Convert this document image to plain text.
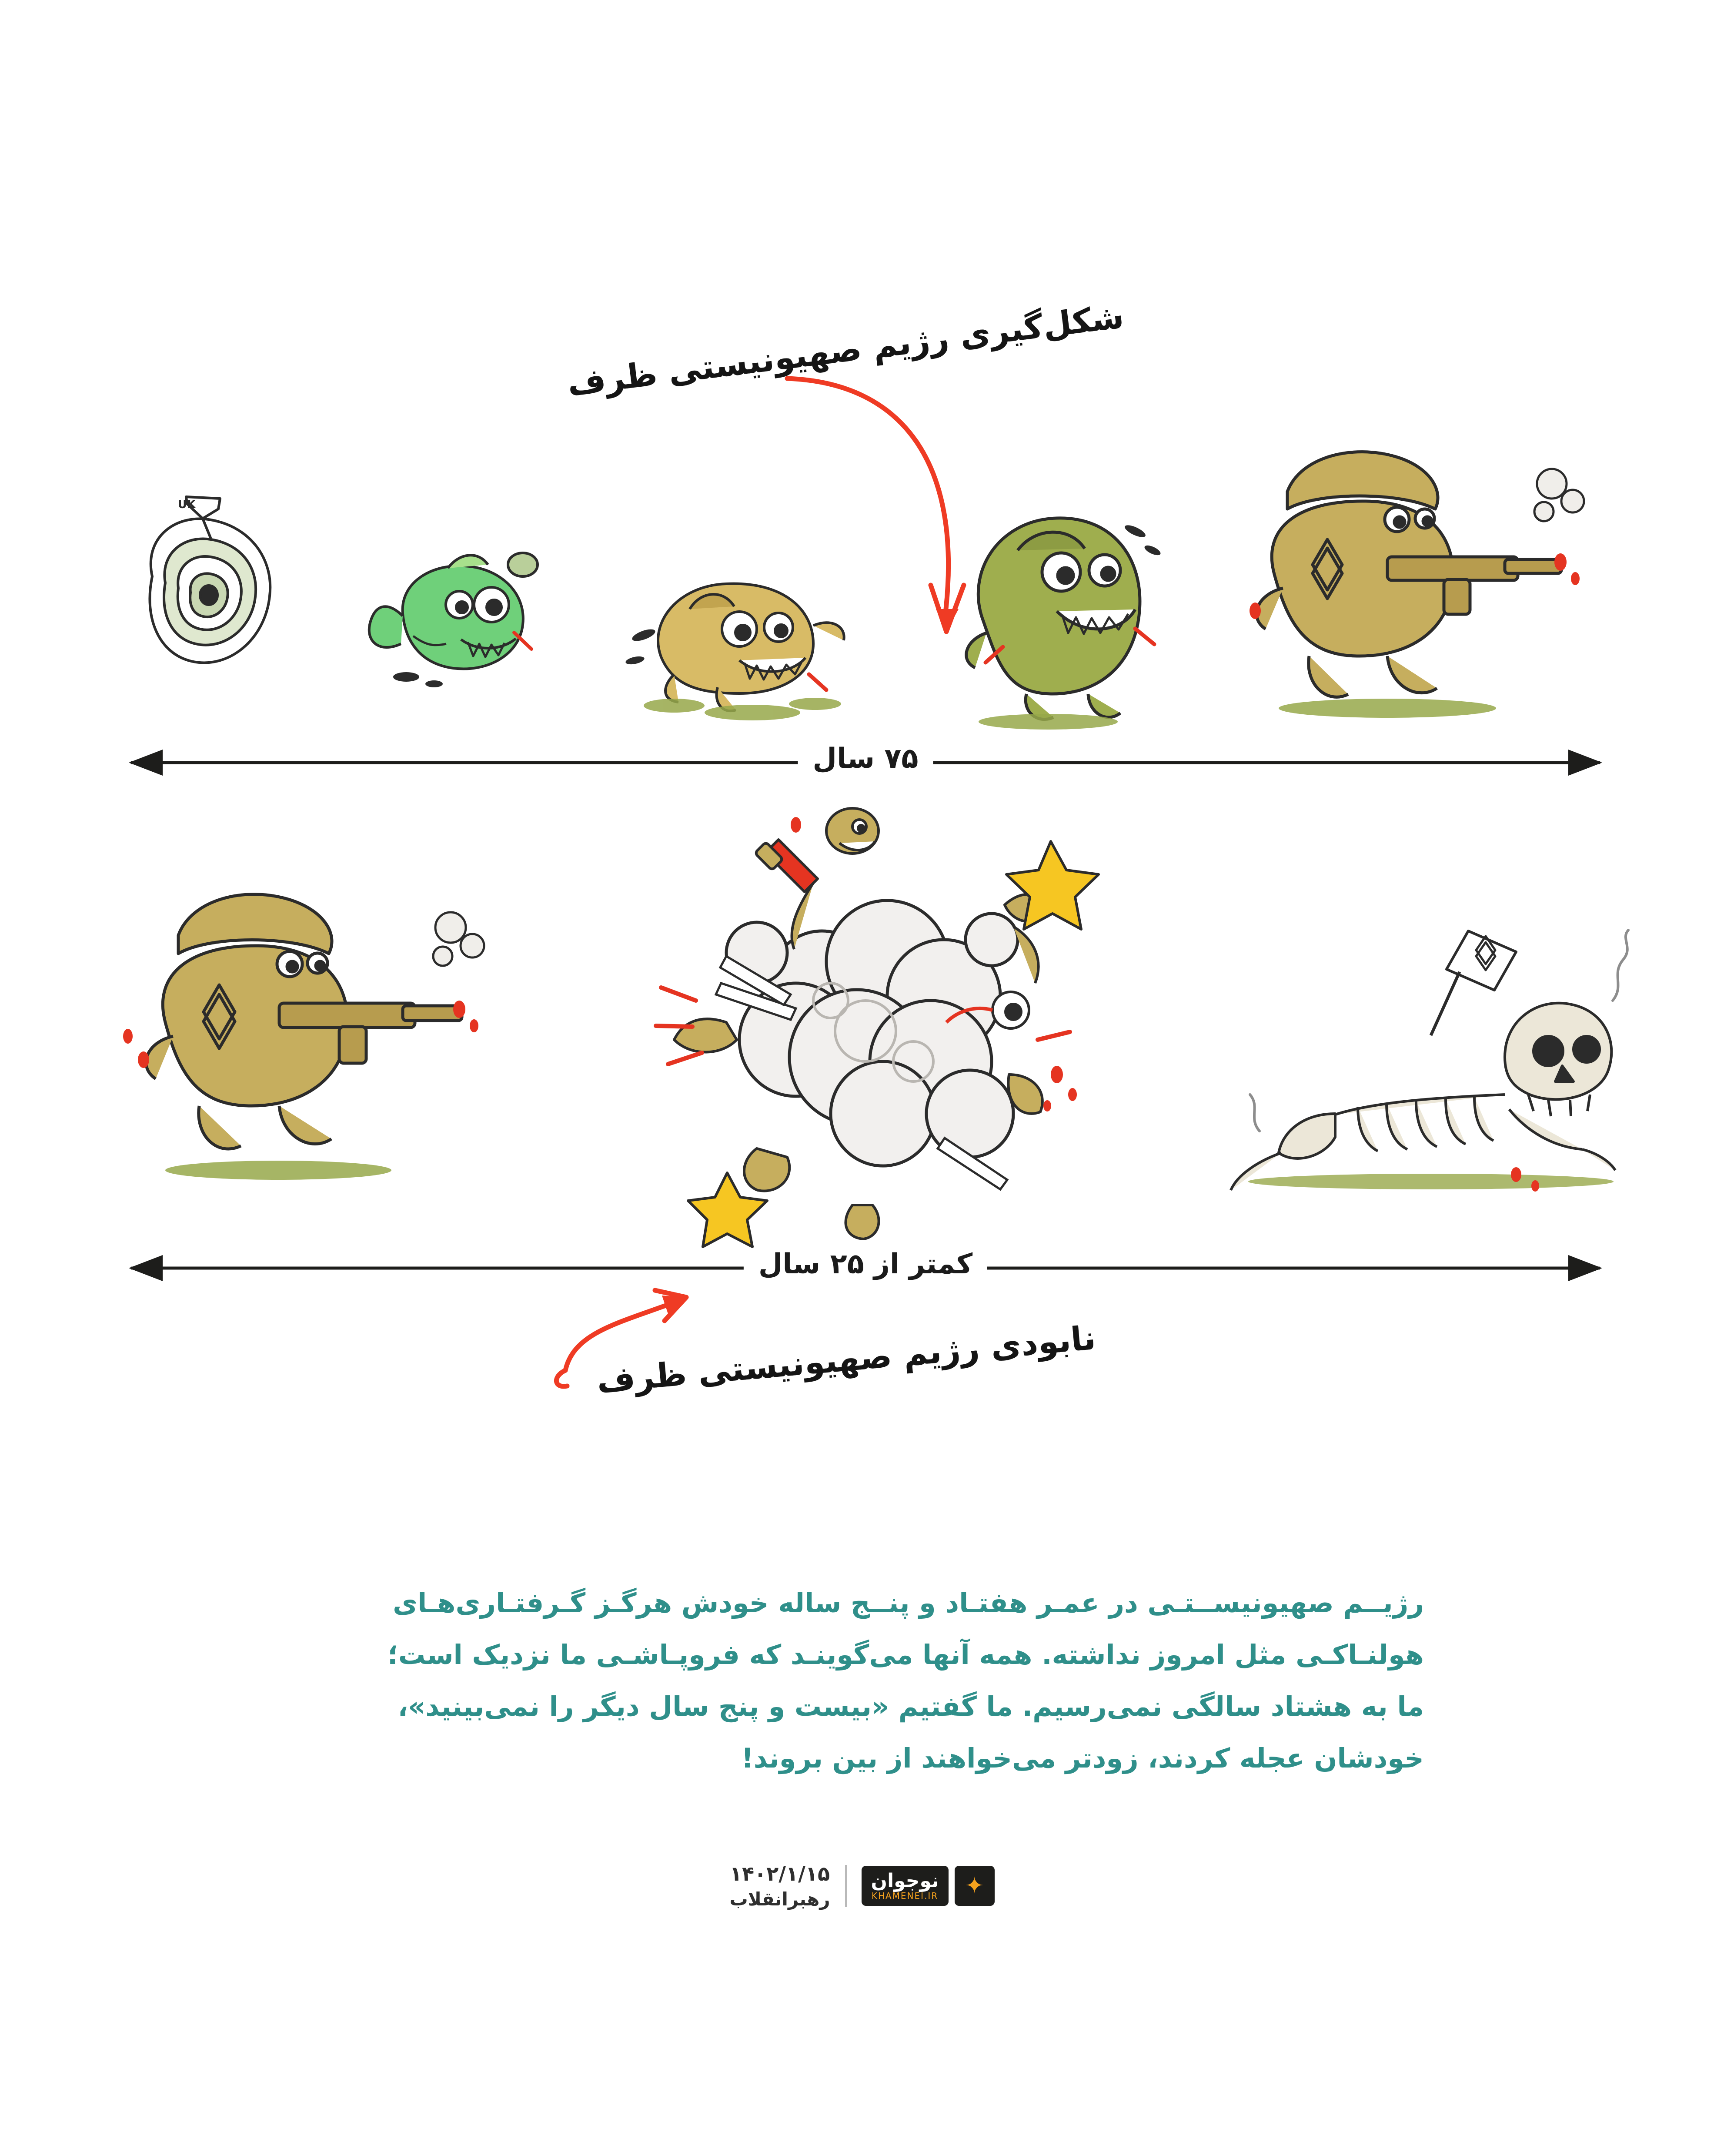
شکل‌گیری رژیم صهیونیستی ظرف
UK
۷۵ سال
کمتر از ۲۵ سال
نابودی رژیم صهیونیستی ظرف

رژیــم صهیونیســتـی در عمـر هفتـاد و پنــج ساله خودش هرگـز گـرفتـاری‌هـای

هولنـاکـی مثل امروز نداشته. همه آنها می‌گوینـد که فروپـاشـی ما نزدیک است؛

ما به هشتاد سالگی نمی‌رسیم. ما گفتیم «بیست و پنج سال دیگر را نمی‌بینید»،

خودشان عجله کردند، زودتر می‌خواهند از بین بروند!

✦
نوجوان
KHAMENEI.IR
۱۴۰۲/۱/۱۵
رهبرانقلاب
